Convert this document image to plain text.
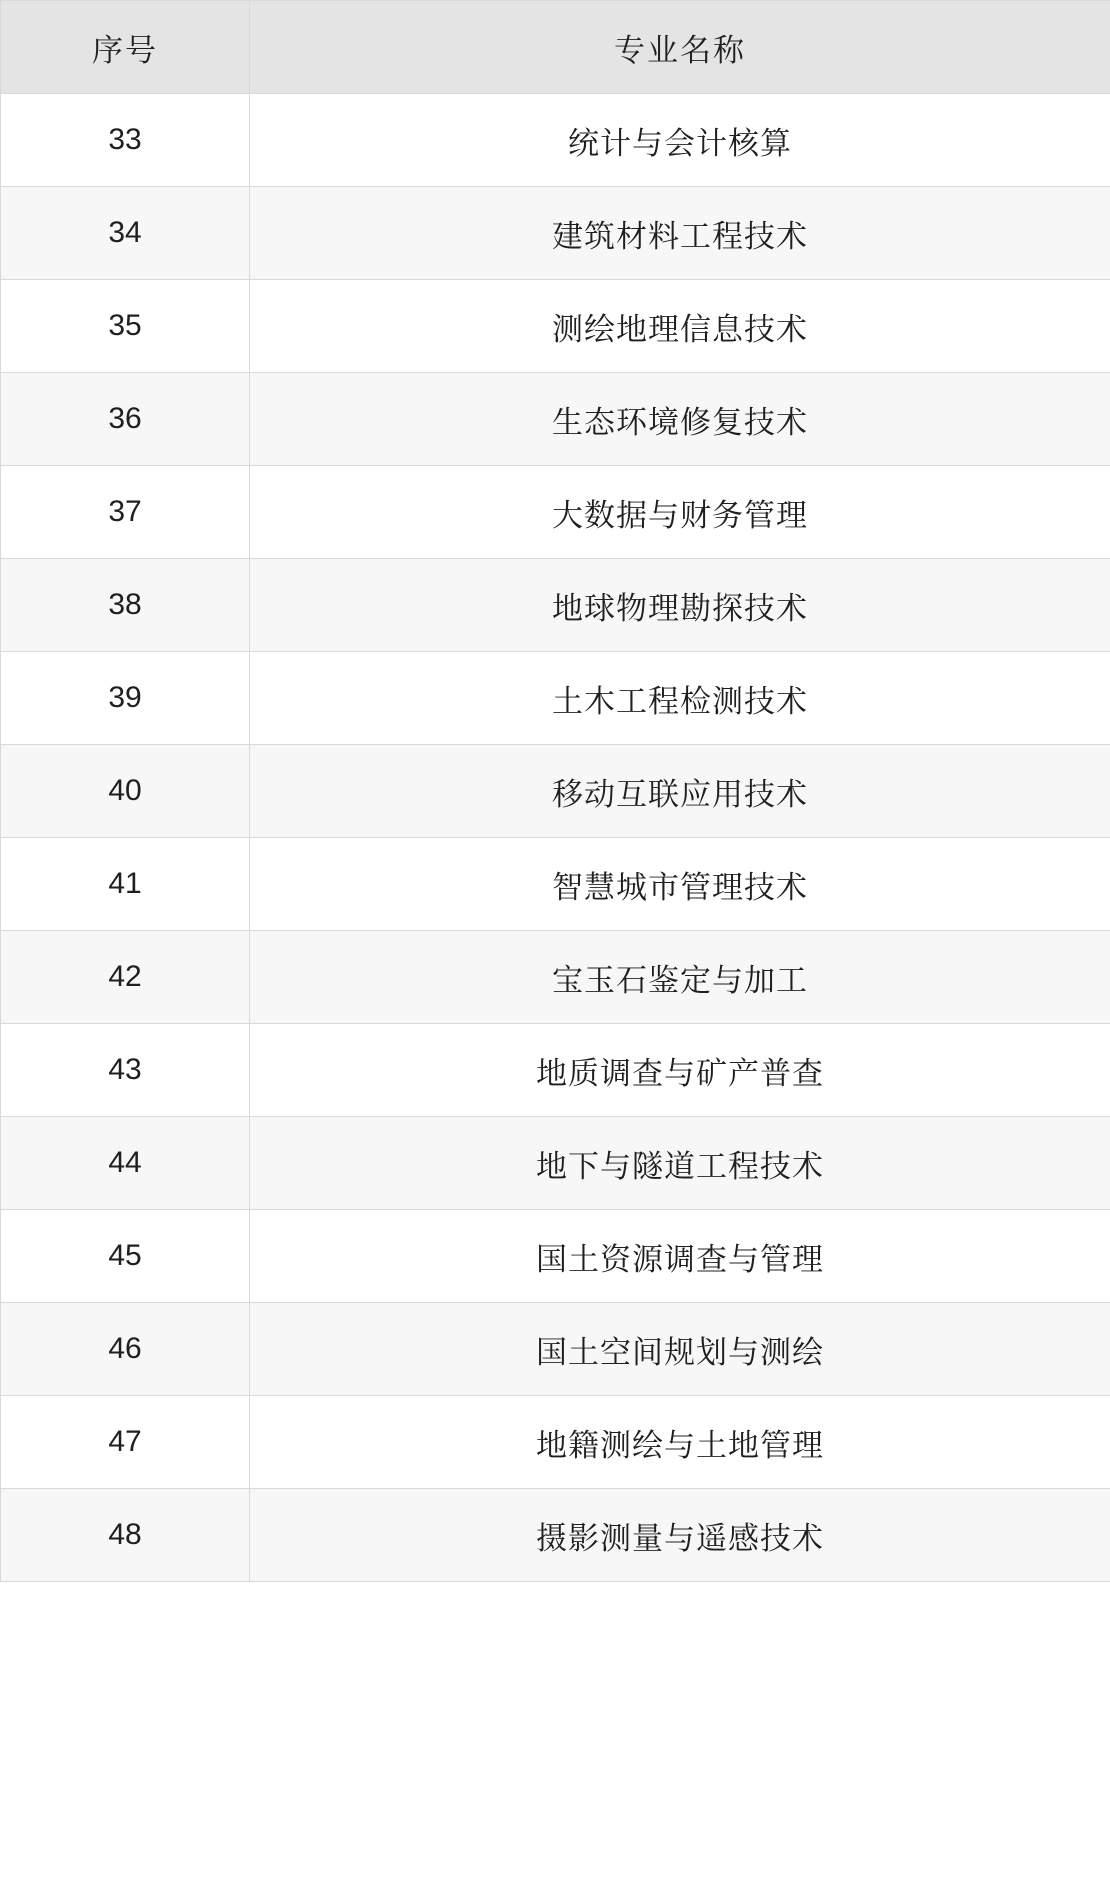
序号	专业名称
33	统计与会计核算
34	建筑材料工程技术
35	测绘地理信息技术
36	生态环境修复技术
37	大数据与财务管理
38	地球物理勘探技术
39	土木工程检测技术
40	移动互联应用技术
41	智慧城市管理技术
42	宝玉石鉴定与加工
43	地质调查与矿产普查
44	地下与隧道工程技术
45	国土资源调查与管理
46	国土空间规划与测绘
47	地籍测绘与土地管理
48	摄影测量与遥感技术
